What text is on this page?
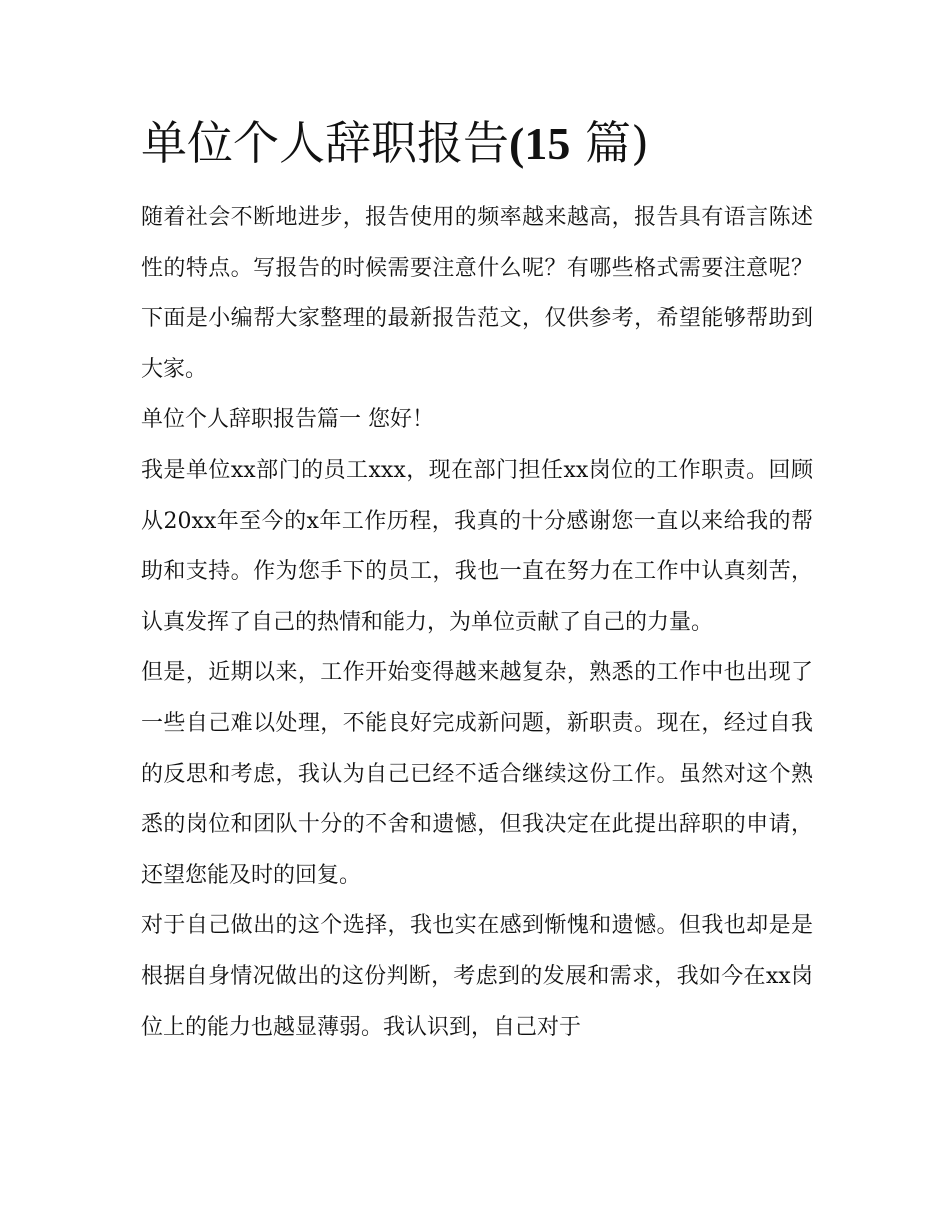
单位个人辞职报告(15 篇)

随着社会不断地进步，报告使用的频率越来越高，报告具有语言陈述性的特点。写报告的时候需要注意什么呢？有哪些格式需要注意呢？下面是小编帮大家整理的最新报告范文，仅供参考，希望能够帮助到大家。

单位个人辞职报告篇一 您好！

我是单位xx部门的员工xxx，现在部门担任xx岗位的工作职责。回顾从20xx年至今的x年工作历程，我真的十分感谢您一直以来给我的帮助和支持。作为您手下的员工，我也一直在努力在工作中认真刻苦，认真发挥了自己的热情和能力，为单位贡献了自己的力量。

但是，近期以来，工作开始变得越来越复杂，熟悉的工作中也出现了一些自己难以处理，不能良好完成新问题，新职责。现在，经过自我的反思和考虑，我认为自己已经不适合继续这份工作。虽然对这个熟悉的岗位和团队十分的不舍和遗憾，但我决定在此提出辞职的申请，还望您能及时的回复。

对于自己做出的这个选择，我也实在感到惭愧和遗憾。但我也却是是根据自身情况做出的这份判断，考虑到的发展和需求，我如今在xx岗位上的能力也越显薄弱。我认识到，自己对于
